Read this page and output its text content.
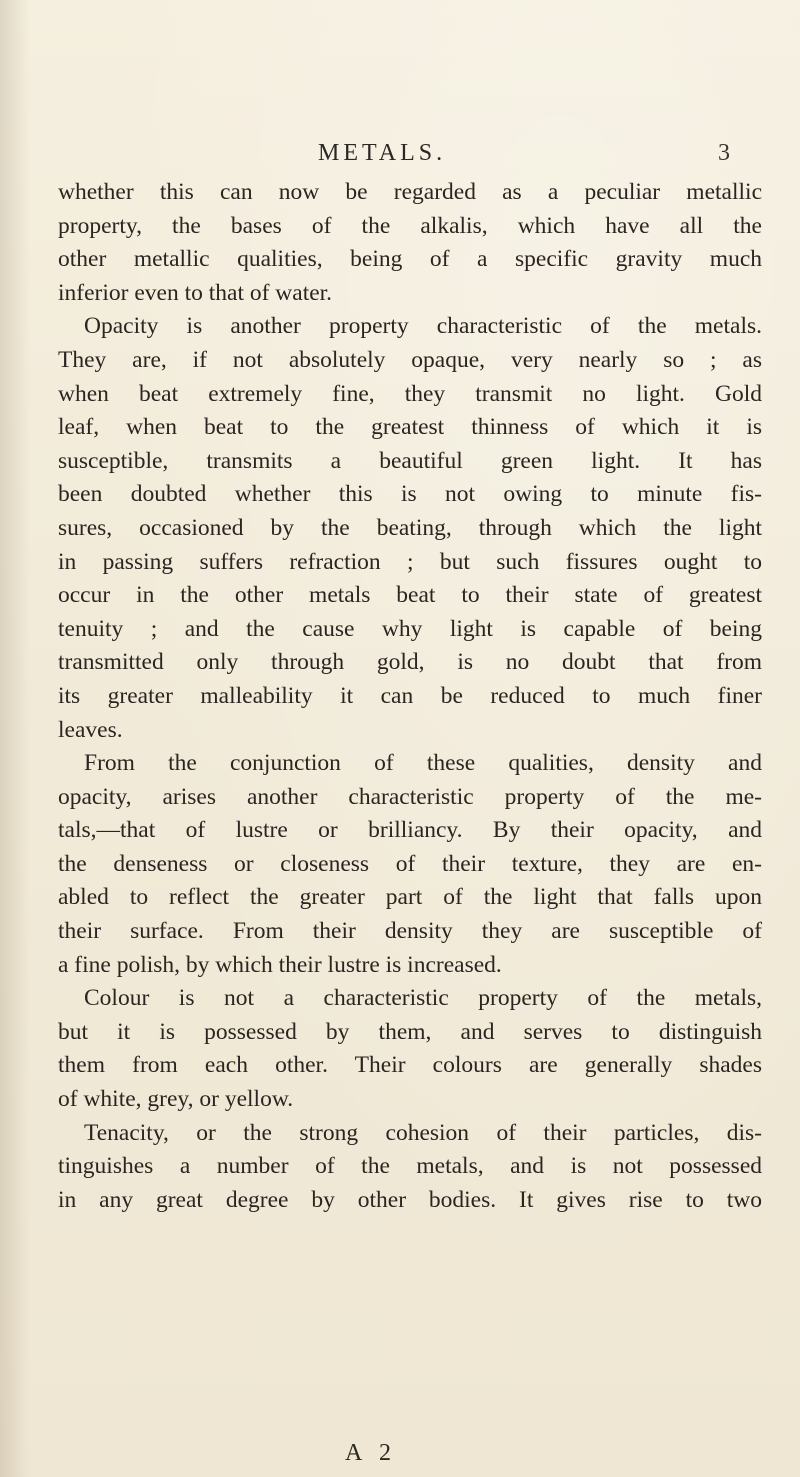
METALS.	3
whether this can now be regarded as a peculiar metallic
property, the bases of the alkalis, which have all the
other metallic qualities, being of a specific gravity much
inferior even to that of water.
Opacity is another property characteristic of the metals.
They are, if not absolutely opaque, very nearly so ; as
when beat extremely fine, they transmit no light. Gold
leaf, when beat to the greatest thinness of which it is
susceptible, transmits a beautiful green light. It has
been doubted whether this is not owing to minute fis-
sures, occasioned by the beating, through which the light
in passing suffers refraction ; but such fissures ought to
occur in the other metals beat to their state of greatest
tenuity ; and the cause why light is capable of being
transmitted only through gold, is no doubt that from
its greater malleability it can be reduced to much finer
leaves.
From the conjunction of these qualities, density and
opacity, arises another characteristic property of the me-
tals,—that of lustre or brilliancy. By their opacity, and
the denseness or closeness of their texture, they are en-
abled to reflect the greater part of the light that falls upon
their surface. From their density they are susceptible of
a fine polish, by which their lustre is increased.
Colour is not a characteristic property of the metals,
but it is possessed by them, and serves to distinguish
them from each other. Their colours are generally shades
of white, grey, or yellow.
Tenacity, or the strong cohesion of their particles, dis-
tinguishes a number of the metals, and is not possessed
in any great degree by other bodies. It gives rise to two
A 2
